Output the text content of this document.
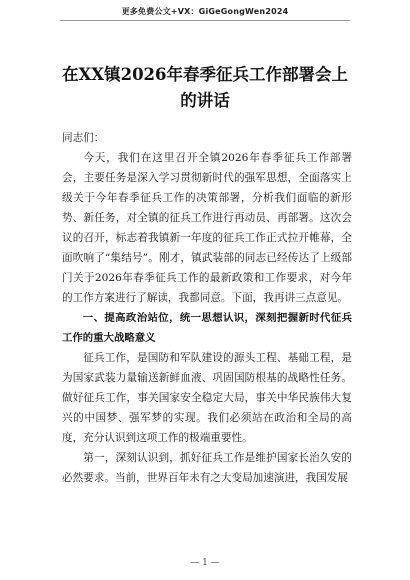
更多免费公文+VX：GiGeGongWen2024
在XX镇2026年春季征兵工作部署会上的讲话

同志们：

今天，我们在这里召开全镇2026年春季征兵工作部署会，主要任务是深入学习贯彻新时代的强军思想，全面落实上级关于今年春季征兵工作的决策部署，分析我们面临的新形势、新任务，对全镇的征兵工作进行再动员、再部署。这次会议的召开，标志着我镇新一年度的征兵工作正式拉开帷幕，全面吹响了“集结号”。刚才，镇武装部的同志已经传达了上级部门关于2026年春季征兵工作的最新政策和工作要求，对今年的工作方案进行了解读，我都同意。下面，我再讲三点意见。

一、提高政治站位，统一思想认识，深刻把握新时代征兵工作的重大战略意义

征兵工作，是国防和军队建设的源头工程、基础工程，是为国家武装力量输送新鲜血液、巩固国防根基的战略性任务。做好征兵工作，事关国家安全稳定大局，事关中华民族伟大复兴的中国梦、强军梦的实现。我们必须站在政治和全局的高度，充分认识到这项工作的极端重要性。

第一，深刻认识到，抓好征兵工作是维护国家长治久安的必然要求。当前，世界百年未有之大变局加速演进，我国发展

— 1 —
